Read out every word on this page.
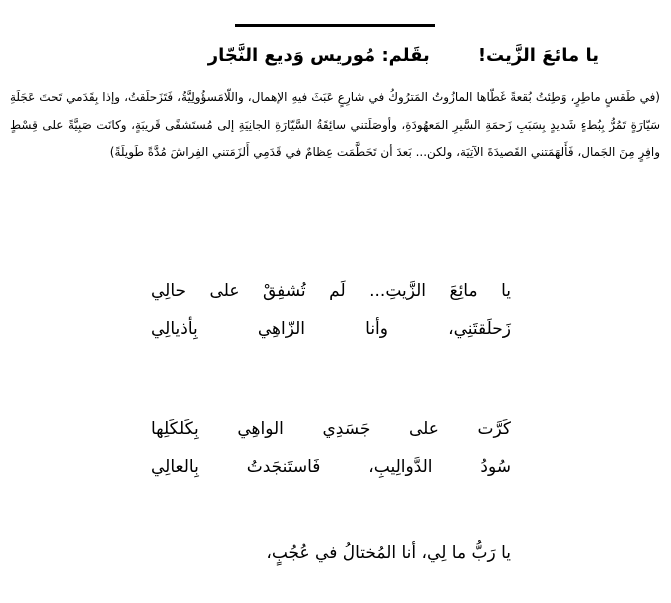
يا مائعَ الزَّيت!بقَلم: مُوريس وَديع النَّجّار

(في طَقسٍ ماطِرٍ، وَطِئتُ بُقعةً غَطّاها المازُوتُ المَترُوكُ في شارِعٍ عَبَثَ فيهِ الإهمال، واللّامَسؤُولِيَّةُ، فَتَزَحلَقتُ، وإذا بِقَدَمي تَحتَ عَجَلَةِ سَيّارَةٍ تَمُرُّ بِبُطءٍ شَديدٍ بِسَبَبِ زَحمَةِ السَّيرِ المَعهُودَةِ، وأوصَلَتني سائِقَةُ السَّيّارَةِ الجانِيَةِ إلى مُستَشفًى قَريبَةٍ، وكانَت صَبِيَّةً على قِسْطٍ وافِرٍ مِنَ الجَمال، فَأَلهَمَتني القَصيدَةَ الآتِيَة، ولكن... بَعدَ أن تَحَطَّمَت عِظامٌ في قَدَمِي أَلزَمَتني الفِراشَ مُدَّةً طَويلَةً)

يا مائِعَ الزَّيتِ... لَم تُشفِقْ على حالِي
زَحلَقتَنِي، وأنا الزّاهِي بِأذيالِي
كَرَّت على جَسَدِي الواهِي بِكَلكَلِها
سُودُ الدَّوالِيبِ، فَاستَنجَدتُ بِالعالِي
يا رَبُّ ما لِي، أنا المُختالُ في عُجُبٍ،
